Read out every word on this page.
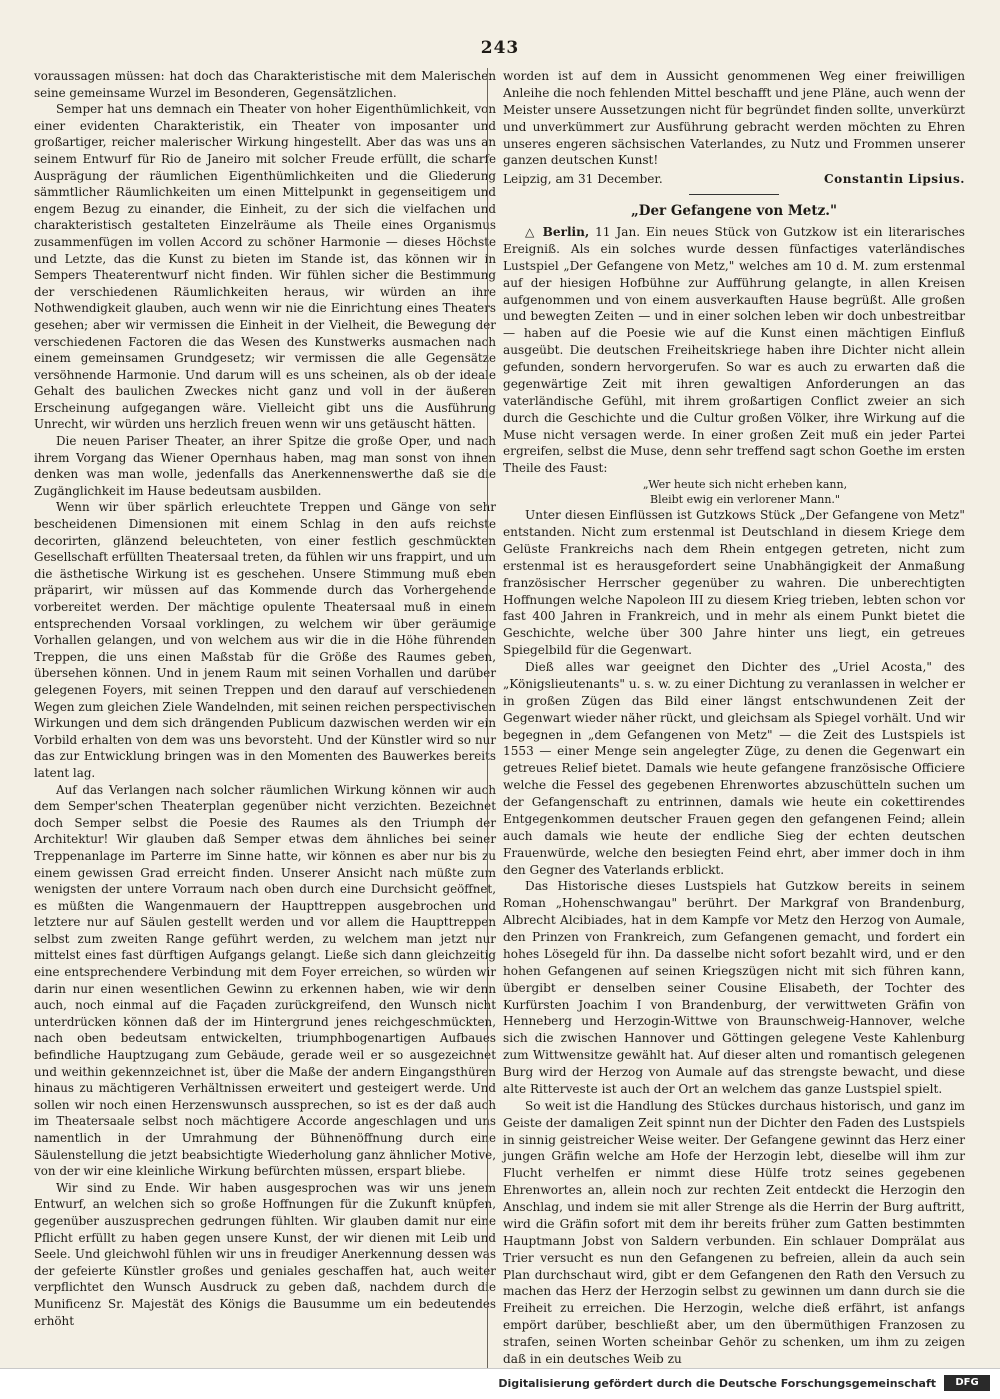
243

voraussagen müssen: hat doch das Charakteristische mit dem Malerischen seine gemeinsame Wurzel im Besonderen, Gegensätzlichen.

Semper hat uns demnach ein Theater von hoher Eigenthümlichkeit, von einer evidenten Charakteristik, ein Theater von imposanter und großartiger, reicher malerischer Wirkung hingestellt. Aber das was uns an seinem Entwurf für Rio de Janeiro mit solcher Freude erfüllt, die scharfe Ausprägung der räumlichen Eigenthümlichkeiten und die Gliederung sämmtlicher Räumlichkeiten um einen Mittelpunkt in gegenseitigem und engem Bezug zu einander, die Einheit, zu der sich die vielfachen und charakteristisch gestalteten Einzelräume als Theile eines Organismus zusammenfügen im vollen Accord zu schöner Harmonie — dieses Höchste und Letzte, das die Kunst zu bieten im Stande ist, das können wir in Sempers Theaterentwurf nicht finden. Wir fühlen sicher die Bestimmung der verschiedenen Räumlichkeiten heraus, wir würden an ihre Nothwendigkeit glauben, auch wenn wir nie die Einrichtung eines Theaters gesehen; aber wir vermissen die Einheit in der Vielheit, die Bewegung der verschiedenen Factoren die das Wesen des Kunstwerks ausmachen nach einem gemeinsamen Grundgesetz; wir vermissen die alle Gegensätze versöhnende Harmonie. Und darum will es uns scheinen, als ob der ideale Gehalt des baulichen Zweckes nicht ganz und voll in der äußeren Erscheinung aufgegangen wäre. Vielleicht gibt uns die Ausführung Unrecht, wir würden uns herzlich freuen wenn wir uns getäuscht hätten.

Die neuen Pariser Theater, an ihrer Spitze die große Oper, und nach ihrem Vorgang das Wiener Opernhaus haben, mag man sonst von ihnen denken was man wolle, jedenfalls das Anerkennenswerthe daß sie die Zugänglichkeit im Hause bedeutsam ausbilden.

Wenn wir über spärlich erleuchtete Treppen und Gänge von sehr bescheidenen Dimensionen mit einem Schlag in den aufs reichste decorirten, glänzend beleuchteten, von einer festlich geschmückten Gesellschaft erfüllten Theatersaal treten, da fühlen wir uns frappirt, und um die ästhetische Wirkung ist es geschehen. Unsere Stimmung muß eben präparirt, wir müssen auf das Kommende durch das Vorhergehende vorbereitet werden. Der mächtige opulente Theatersaal muß in einem entsprechenden Vorsaal vorklingen, zu welchem wir über geräumige Vorhallen gelangen, und von welchem aus wir die in die Höhe führenden Treppen, die uns einen Maßstab für die Größe des Raumes geben, übersehen können. Und in jenem Raum mit seinen Vorhallen und darüber gelegenen Foyers, mit seinen Treppen und den darauf auf verschiedenen Wegen zum gleichen Ziele Wandelnden, mit seinen reichen perspectivischen Wirkungen und dem sich drängenden Publicum dazwischen werden wir ein Vorbild erhalten von dem was uns bevorsteht. Und der Künstler wird so nur das zur Entwicklung bringen was in den Momenten des Bauwerkes bereits latent lag.

Auf das Verlangen nach solcher räumlichen Wirkung können wir auch dem Semper'schen Theaterplan gegenüber nicht verzichten. Bezeichnet doch Semper selbst die Poesie des Raumes als den Triumph der Architektur! Wir glauben daß Semper etwas dem ähnliches bei seiner Treppenanlage im Parterre im Sinne hatte, wir können es aber nur bis zu einem gewissen Grad erreicht finden. Unserer Ansicht nach müßte zum wenigsten der untere Vorraum nach oben durch eine Durchsicht geöffnet, es müßten die Wangenmauern der Haupttreppen ausgebrochen und letztere nur auf Säulen gestellt werden und vor allem die Haupttreppen selbst zum zweiten Range geführt werden, zu welchem man jetzt nur mittelst eines fast dürftigen Aufgangs gelangt. Ließe sich dann gleichzeitig eine entsprechendere Verbindung mit dem Foyer erreichen, so würden wir darin nur einen wesentlichen Gewinn zu erkennen haben, wie wir denn auch, noch einmal auf die Façaden zurückgreifend, den Wunsch nicht unterdrücken können daß der im Hintergrund jenes reichgeschmückten, nach oben bedeutsam entwickelten, triumphbogenartigen Aufbaues befindliche Hauptzugang zum Gebäude, gerade weil er so ausgezeichnet und weithin gekennzeichnet ist, über die Maße der andern Eingangsthüren hinaus zu mächtigeren Verhältnissen erweitert und gesteigert werde. Und sollen wir noch einen Herzenswunsch aussprechen, so ist es der daß auch im Theatersaale selbst noch mächtigere Accorde angeschlagen und uns namentlich in der Umrahmung der Bühnenöffnung durch eine Säulenstellung die jetzt beabsichtigte Wiederholung ganz ähnlicher Motive, von der wir eine kleinliche Wirkung befürchten müssen, erspart bliebe.

Wir sind zu Ende. Wir haben ausgesprochen was wir uns jenem Entwurf, an welchen sich so große Hoffnungen für die Zukunft knüpfen, gegenüber auszusprechen gedrungen fühlten. Wir glauben damit nur eine Pflicht erfüllt zu haben gegen unsere Kunst, der wir dienen mit Leib und Seele. Und gleichwohl fühlen wir uns in freudiger Anerkennung dessen was der gefeierte Künstler großes und geniales geschaffen hat, auch weiter verpflichtet den Wunsch Ausdruck zu geben daß, nachdem durch die Munificenz Sr. Majestät des Königs die Bausumme um ein bedeutendes erhöht

worden ist auf dem in Aussicht genommenen Weg einer freiwilligen Anleihe die noch fehlenden Mittel beschafft und jene Pläne, auch wenn der Meister unsere Aussetzungen nicht für begründet finden sollte, unverkürzt und unverkümmert zur Ausführung gebracht werden möchten zu Ehren unseres engeren sächsischen Vaterlandes, zu Nutz und Frommen unserer ganzen deutschen Kunst!

Leipzig, am 31 December.	Constantin Lipsius.
„Der Gefangene von Metz."

△ Berlin, 11 Jan. Ein neues Stück von Gutzkow ist ein literarisches Ereigniß. Als ein solches wurde dessen fünfactiges vaterländisches Lustspiel „Der Gefangene von Metz," welches am 10 d. M. zum erstenmal auf der hiesigen Hofbühne zur Aufführung gelangte, in allen Kreisen aufgenommen und von einem ausverkauften Hause begrüßt. Alle großen und bewegten Zeiten — und in einer solchen leben wir doch unbestreitbar — haben auf die Poesie wie auf die Kunst einen mächtigen Einfluß ausgeübt. Die deutschen Freiheitskriege haben ihre Dichter nicht allein gefunden, sondern hervorgerufen. So war es auch zu erwarten daß die gegenwärtige Zeit mit ihren gewaltigen Anforderungen an das vaterländische Gefühl, mit ihrem großartigen Conflict zweier an sich durch die Geschichte und die Cultur großen Völker, ihre Wirkung auf die Muse nicht versagen werde. In einer großen Zeit muß ein jeder Partei ergreifen, selbst die Muse, denn sehr treffend sagt schon Goethe im ersten Theile des Faust:

„Wer heute sich nicht erheben kann,

Bleibt ewig ein verlorener Mann."

Unter diesen Einflüssen ist Gutzkows Stück „Der Gefangene von Metz" entstanden. Nicht zum erstenmal ist Deutschland in diesem Kriege dem Gelüste Frankreichs nach dem Rhein entgegen getreten, nicht zum erstenmal ist es herausgefordert seine Unabhängigkeit der Anmaßung französischer Herrscher gegenüber zu wahren. Die unberechtigten Hoffnungen welche Napoleon III zu diesem Krieg trieben, lebten schon vor fast 400 Jahren in Frankreich, und in mehr als einem Punkt bietet die Geschichte, welche über 300 Jahre hinter uns liegt, ein getreues Spiegelbild für die Gegenwart.

Dieß alles war geeignet den Dichter des „Uriel Acosta," des „Königslieutenants" u. s. w. zu einer Dichtung zu veranlassen in welcher er in großen Zügen das Bild einer längst entschwundenen Zeit der Gegenwart wieder näher rückt, und gleichsam als Spiegel vorhält. Und wir begegnen in „dem Gefangenen von Metz" — die Zeit des Lustspiels ist 1553 — einer Menge sein angelegter Züge, zu denen die Gegenwart ein getreues Relief bietet. Damals wie heute gefangene französische Officiere welche die Fessel des gegebenen Ehrenwortes abzuschütteln suchen um der Gefangenschaft zu entrinnen, damals wie heute ein cokettirendes Entgegenkommen deutscher Frauen gegen den gefangenen Feind; allein auch damals wie heute der endliche Sieg der echten deutschen Frauenwürde, welche den besiegten Feind ehrt, aber immer doch in ihm den Gegner des Vaterlands erblickt.

Das Historische dieses Lustspiels hat Gutzkow bereits in seinem Roman „Hohenschwangau" berührt. Der Markgraf von Brandenburg, Albrecht Alcibiades, hat in dem Kampfe vor Metz den Herzog von Aumale, den Prinzen von Frankreich, zum Gefangenen gemacht, und fordert ein hohes Lösegeld für ihn. Da dasselbe nicht sofort bezahlt wird, und er den hohen Gefangenen auf seinen Kriegszügen nicht mit sich führen kann, übergibt er denselben seiner Cousine Elisabeth, der Tochter des Kurfürsten Joachim I von Brandenburg, der verwittweten Gräfin von Henneberg und Herzogin-Wittwe von Braunschweig-Hannover, welche sich die zwischen Hannover und Göttingen gelegene Veste Kahlenburg zum Wittwensitze gewählt hat. Auf dieser alten und romantisch gelegenen Burg wird der Herzog von Aumale auf das strengste bewacht, und diese alte Ritterveste ist auch der Ort an welchem das ganze Lustspiel spielt.

So weit ist die Handlung des Stückes durchaus historisch, und ganz im Geiste der damaligen Zeit spinnt nun der Dichter den Faden des Lustspiels in sinnig geistreicher Weise weiter. Der Gefangene gewinnt das Herz einer jungen Gräfin welche am Hofe der Herzogin lebt, dieselbe will ihm zur Flucht verhelfen er nimmt diese Hülfe trotz seines gegebenen Ehrenwortes an, allein noch zur rechten Zeit entdeckt die Herzogin den Anschlag, und indem sie mit aller Strenge als die Herrin der Burg auftritt, wird die Gräfin sofort mit dem ihr bereits früher zum Gatten bestimmten Hauptmann Jobst von Saldern verbunden. Ein schlauer Domprälat aus Trier versucht es nun den Gefangenen zu befreien, allein da auch sein Plan durchschaut wird, gibt er dem Gefangenen den Rath den Versuch zu machen das Herz der Herzogin selbst zu gewinnen um dann durch sie die Freiheit zu erreichen. Die Herzogin, welche dieß erfährt, ist anfangs empört darüber, beschließt aber, um den übermüthigen Franzosen zu strafen, seinen Worten scheinbar Gehör zu schenken, um ihm zu zeigen daß in ein deutsches Weib zu

Digitalisierung gefördert durch die Deutsche Forschungsgemeinschaft	DFG
